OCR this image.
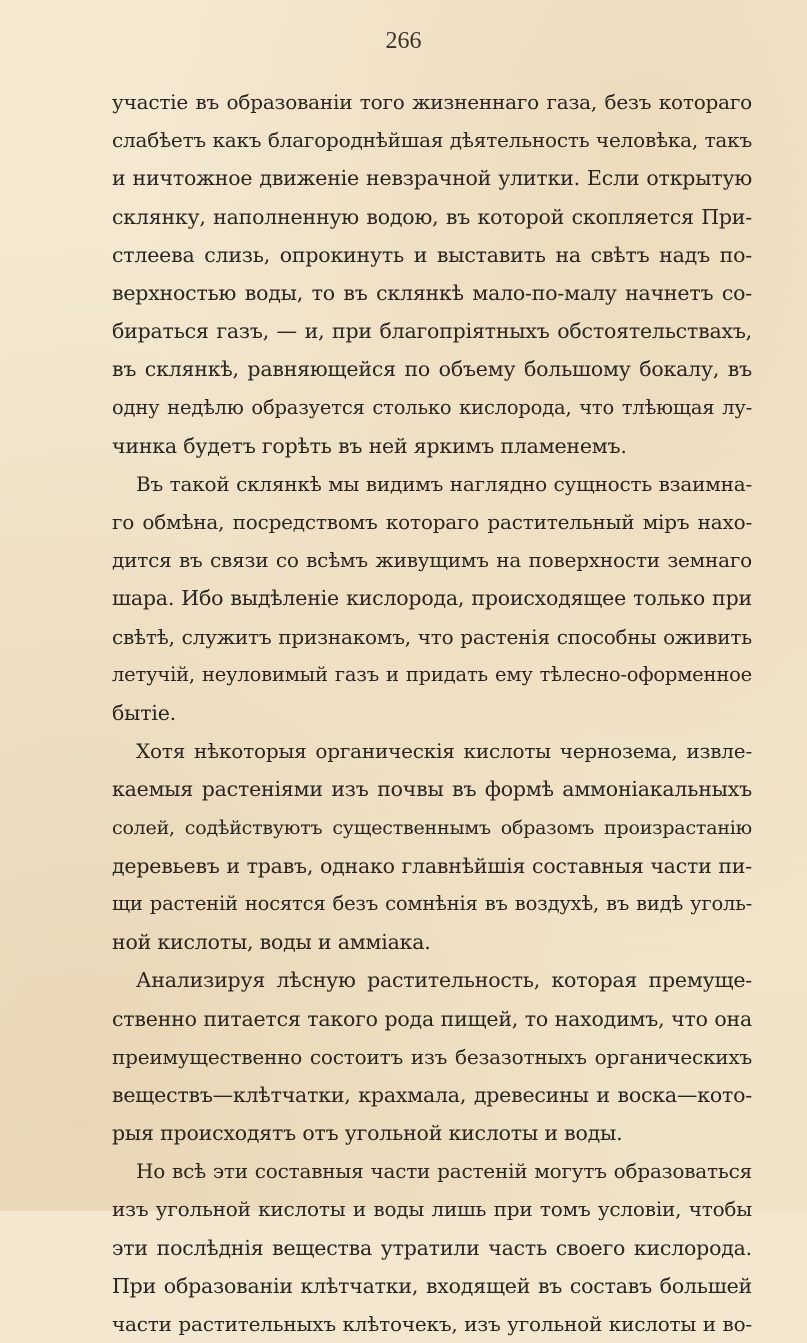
266
участіе въ образованіи того жизненнаго газа, безъ котораго
слабѣетъ какъ благороднѣйшая дѣятельность человѣка, такъ
и ничтожное движеніе невзрачной улитки. Если открытую
склянку, наполненную водою, въ которой скопляется При-
стлеева слизь, опрокинуть и выставить на свѣтъ надъ по-
верхностью воды, то въ склянкѣ мало-по-малу начнетъ со-
бираться газъ, — и, при благопріятныхъ обстоятельствахъ,
въ склянкѣ, равняющейся по объему большому бокалу, въ
одну недѣлю образуется столько кислорода, что тлѣющая лу-
чинка будетъ горѣть въ ней яркимъ пламенемъ.
Въ такой склянкѣ мы видимъ наглядно сущность взаимна-
го обмѣна, посредствомъ котораго растительный міръ нахо-
дится въ связи со всѣмъ живущимъ на поверхности земнаго
шара. Ибо выдѣленіе кислорода, происходящее только при
свѣтѣ, служитъ признакомъ, что растенія способны оживить
летучій, неуловимый газъ и придать ему тѣлесно-оформенное
бытіе.
Хотя нѣкоторыя органическія кислоты чернозема, извле-
каемыя растеніями изъ почвы въ формѣ аммоніакальныхъ
солей, содѣйствуютъ существеннымъ образомъ произрастанію
деревьевъ и травъ, однако главнѣйшія составныя части пи-
щи растеній носятся безъ сомнѣнія въ воздухѣ, въ видѣ уголь-
ной кислоты, воды и амміака.
Анализируя лѣсную растительность, которая премуще-
ственно питается такого рода пищей, то находимъ, что она
преимущественно состоитъ изъ безазотныхъ органическихъ
веществъ—клѣтчатки, крахмала, древесины и воска—кото-
рыя происходятъ отъ угольной кислоты и воды.
Но всѣ эти составныя части растеній могутъ образоваться
изъ угольной кислоты и воды лишь при томъ условіи, чтобы
эти послѣднія вещества утратили часть своего кислорода.
При образованіи клѣтчатки, входящей въ составъ большей
части растительныхъ клѣточекъ, изъ угольной кислоты и во-
